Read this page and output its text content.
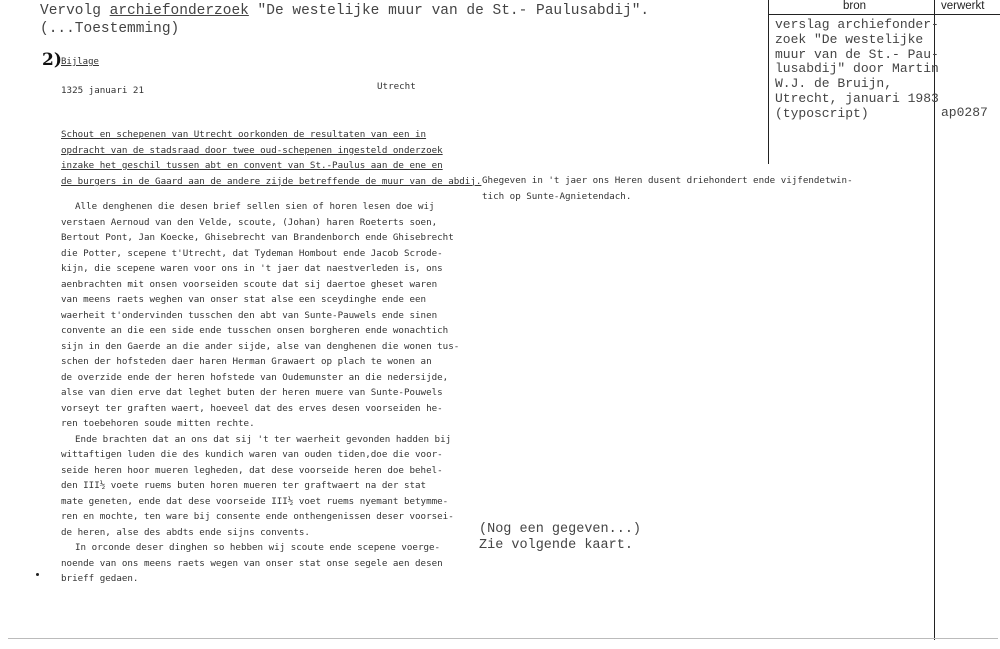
Vervolg archiefonderzoek "De westelijke muur van de St.- Paulusabdij".
(...Toestemming)
2) Bijlage
1325 januari 21	Utrecht
Schout en schepenen van Utrecht oorkonden de resultaten van een in
opdracht van de stadsraad door twee oud-schepenen ingesteld onderzoek
inzake het geschil tussen abt en convent van St.-Paulus aan de ene en
de burgers in de Gaard aan de andere zijde betreffende de muur van de abdij.
Alle denghenen die desen brief sellen sien of horen lesen doe wij
verstaen Aernoud van den Velde, scoute, (Johan) haren Roeterts soen,
Bertout Pont, Jan Koecke, Ghisebrecht van Brandenborch ende Ghisebrecht
die Potter, scepene t'Utrecht, dat Tydeman Hombout ende Jacob Scrode-
kijn, die scepene waren voor ons in 't jaer dat naestverleden is, ons
aenbrachten mit onsen voorseiden scoute dat sij daertoe gheset waren
van meens raets weghen van onser stat alse een sceydinghe ende een
waerheit t'ondervinden tusschen den abt van Sunte-Pauwels ende sinen
convente an die een side ende tusschen onsen borgheren ende wonachtich
sijn in den Gaerde an die ander sijde, alse van denghenen die wonen tus-
schen der hofsteden daer haren Herman Grawaert op plach te wonen an
de overzide ende der heren hofstede van Oudemunster an die nedersijde,
alse van dien erve dat leghet buten der heren muere van Sunte-Pouwels
vorseyt ter graften waert, hoeveel dat des erves desen voorseiden he-
ren toebehoren soude mitten rechte.
Ende brachten dat an ons dat sij 't ter waerheit gevonden hadden bij
wittaftigen luden die des kundich waren van ouden tiden,doe die voor-
seide heren hoor mueren legheden, dat dese voorseide heren doe behel-
den III½ voete ruems buten horen mueren ter graftwaert na der stat
mate geneten, ende dat dese voorseide III½ voet ruems nyemant betymme-
ren en mochte, ten ware bij consente ende onthengenissen deser voorsei-
de heren, alse des abdts ende sijns convents.
In orconde deser dinghen so hebben wij scoute ende scepene voerge-
noende van ons meens raets wegen van onser stat onse segele aen desen
brieff gedaen.
Ghegeven in 't jaer ons Heren dusent driehondert ende vijfendetwin-
tich op Sunte-Agnietendach.
(Nog een gegeven...)
Zie volgende kaart.
bron	verwerkt
verslag archiefonder-
zoek "De westelijke
muur van de St.- Pau-
lusabdij" door Martin
W.J. de Bruijn,
Utrecht, januari 1983
(typoscript)	ap0287
